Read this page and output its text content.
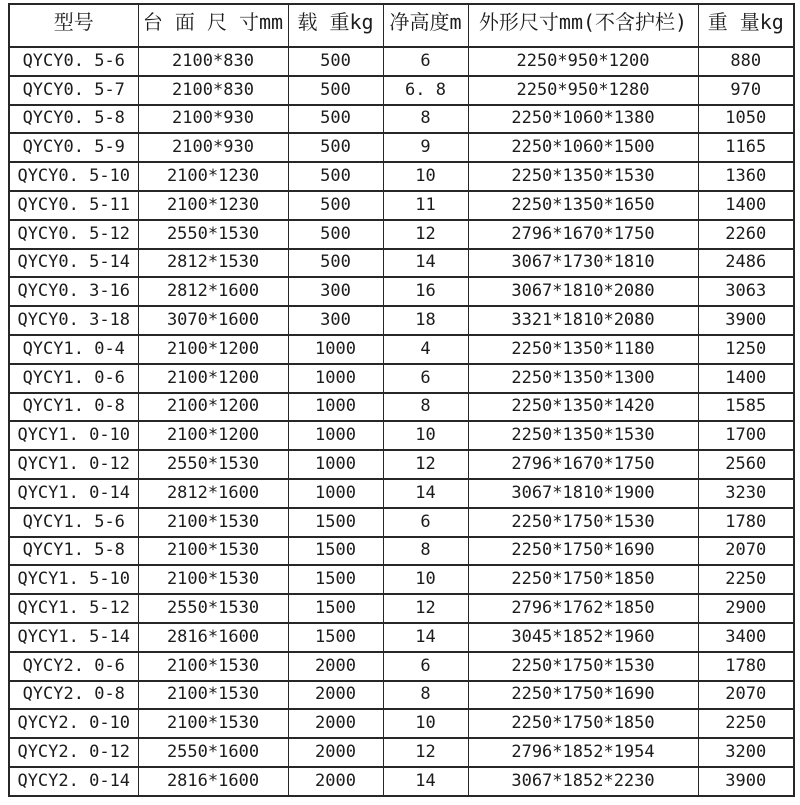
型号	台 面 尺 寸mm	载 重kg	净高度m	外形尺寸mm(不含护栏)	重 量kg
QYCY0. 5-6	2100*830	500	6	2250*950*1200	880
QYCY0. 5-7	2100*830	500	6. 8	2250*950*1280	970
QYCY0. 5-8	2100*930	500	8	2250*1060*1380	1050
QYCY0. 5-9	2100*930	500	9	2250*1060*1500	1165
QYCY0. 5-10	2100*1230	500	10	2250*1350*1530	1360
QYCY0. 5-11	2100*1230	500	11	2250*1350*1650	1400
QYCY0. 5-12	2550*1530	500	12	2796*1670*1750	2260
QYCY0. 5-14	2812*1530	500	14	3067*1730*1810	2486
QYCY0. 3-16	2812*1600	300	16	3067*1810*2080	3063
QYCY0. 3-18	3070*1600	300	18	3321*1810*2080	3900
QYCY1. 0-4	2100*1200	1000	4	2250*1350*1180	1250
QYCY1. 0-6	2100*1200	1000	6	2250*1350*1300	1400
QYCY1. 0-8	2100*1200	1000	8	2250*1350*1420	1585
QYCY1. 0-10	2100*1200	1000	10	2250*1350*1530	1700
QYCY1. 0-12	2550*1530	1000	12	2796*1670*1750	2560
QYCY1. 0-14	2812*1600	1000	14	3067*1810*1900	3230
QYCY1. 5-6	2100*1530	1500	6	2250*1750*1530	1780
QYCY1. 5-8	2100*1530	1500	8	2250*1750*1690	2070
QYCY1. 5-10	2100*1530	1500	10	2250*1750*1850	2250
QYCY1. 5-12	2550*1530	1500	12	2796*1762*1850	2900
QYCY1. 5-14	2816*1600	1500	14	3045*1852*1960	3400
QYCY2. 0-6	2100*1530	2000	6	2250*1750*1530	1780
QYCY2. 0-8	2100*1530	2000	8	2250*1750*1690	2070
QYCY2. 0-10	2100*1530	2000	10	2250*1750*1850	2250
QYCY2. 0-12	2550*1600	2000	12	2796*1852*1954	3200
QYCY2. 0-14	2816*1600	2000	14	3067*1852*2230	3900
